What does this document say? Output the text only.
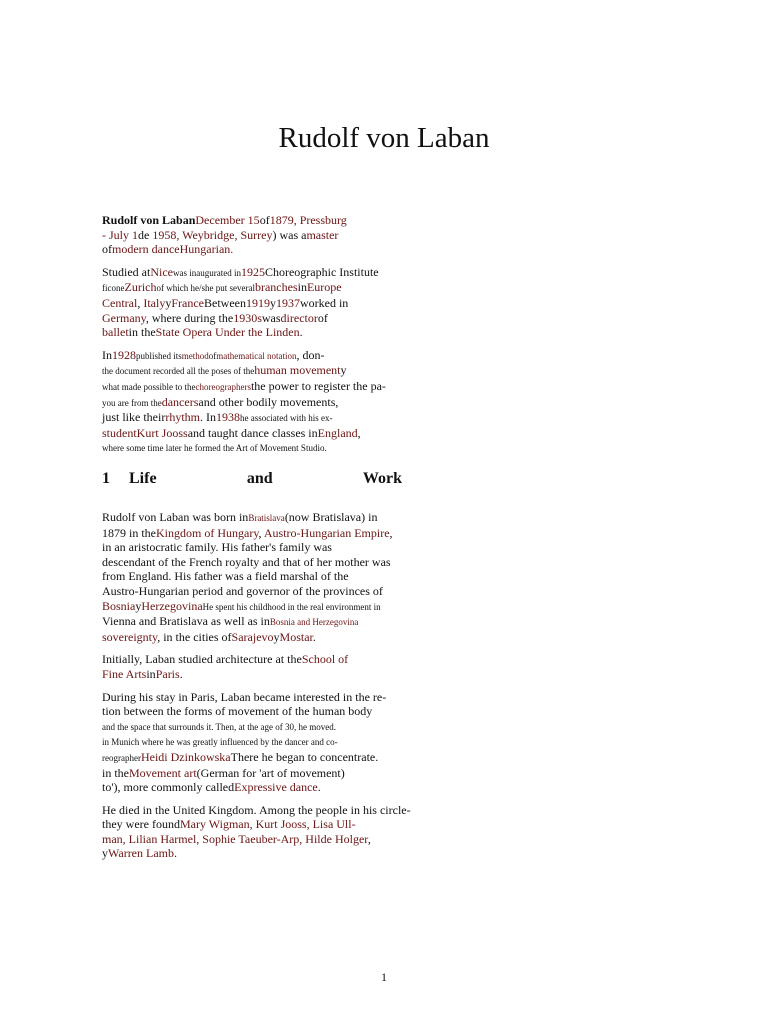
Rudolf von Laban

Rudolf von LabanDecember 15of1879, Pressburg
- July 1de 1958, Weybridge, Surrey) was amaster
ofmodern danceHungarian.

Studied atNicewas inaugurated in1925Choreographic Institute
ficoneZurichof which he/she put severalbranchesinEurope
Central, ItalyyFranceBetween1919y1937worked in
Germany, where during the1930swasdirectorof
balletin theState Opera Under the Linden.

In1928published itsmethodofmathematical notation, don-
the document recorded all the poses of thehuman movementy
what made possible to thechoreographersthe power to register the pa-
you are from thedancersand other bodily movements,
just like theirrhythm. In1938he associated with his ex-
studentKurt Joossand taught dance classes inEngland,
where some time later he formed the Art of Movement Studio.

1	Life	and	Work

Rudolf von Laban was born inBratislava(now Bratislava) in
1879 in theKingdom of Hungary, Austro-Hungarian Empire,
in an aristocratic family. His father's family was
descendant of the French royalty and that of her mother was
from England. His father was a field marshal of the
Austro-Hungarian period and governor of the provinces of
BosniayHerzegovinaHe spent his childhood in the real environment in
Vienna and Bratislava as well as inBosnia and Herzegovina
sovereignty, in the cities ofSarajevoyMostar.

Initially, Laban studied architecture at theSchool of
Fine ArtsinParis.

During his stay in Paris, Laban became interested in the re-
tion between the forms of movement of the human body
and the space that surrounds it. Then, at the age of 30, he moved.
in Munich where he was greatly influenced by the dancer and co-
reographerHeidi DzinkowskaThere he began to concentrate.
in theMovement art(German for 'art of movement)
to'), more commonly calledExpressive dance.

He died in the United Kingdom. Among the people in his circle-
they were foundMary Wigman, Kurt Jooss, Lisa Ull-
man, Lilian Harmel, Sophie Taeuber-Arp, Hilde Holger,
yWarren Lamb.

1
